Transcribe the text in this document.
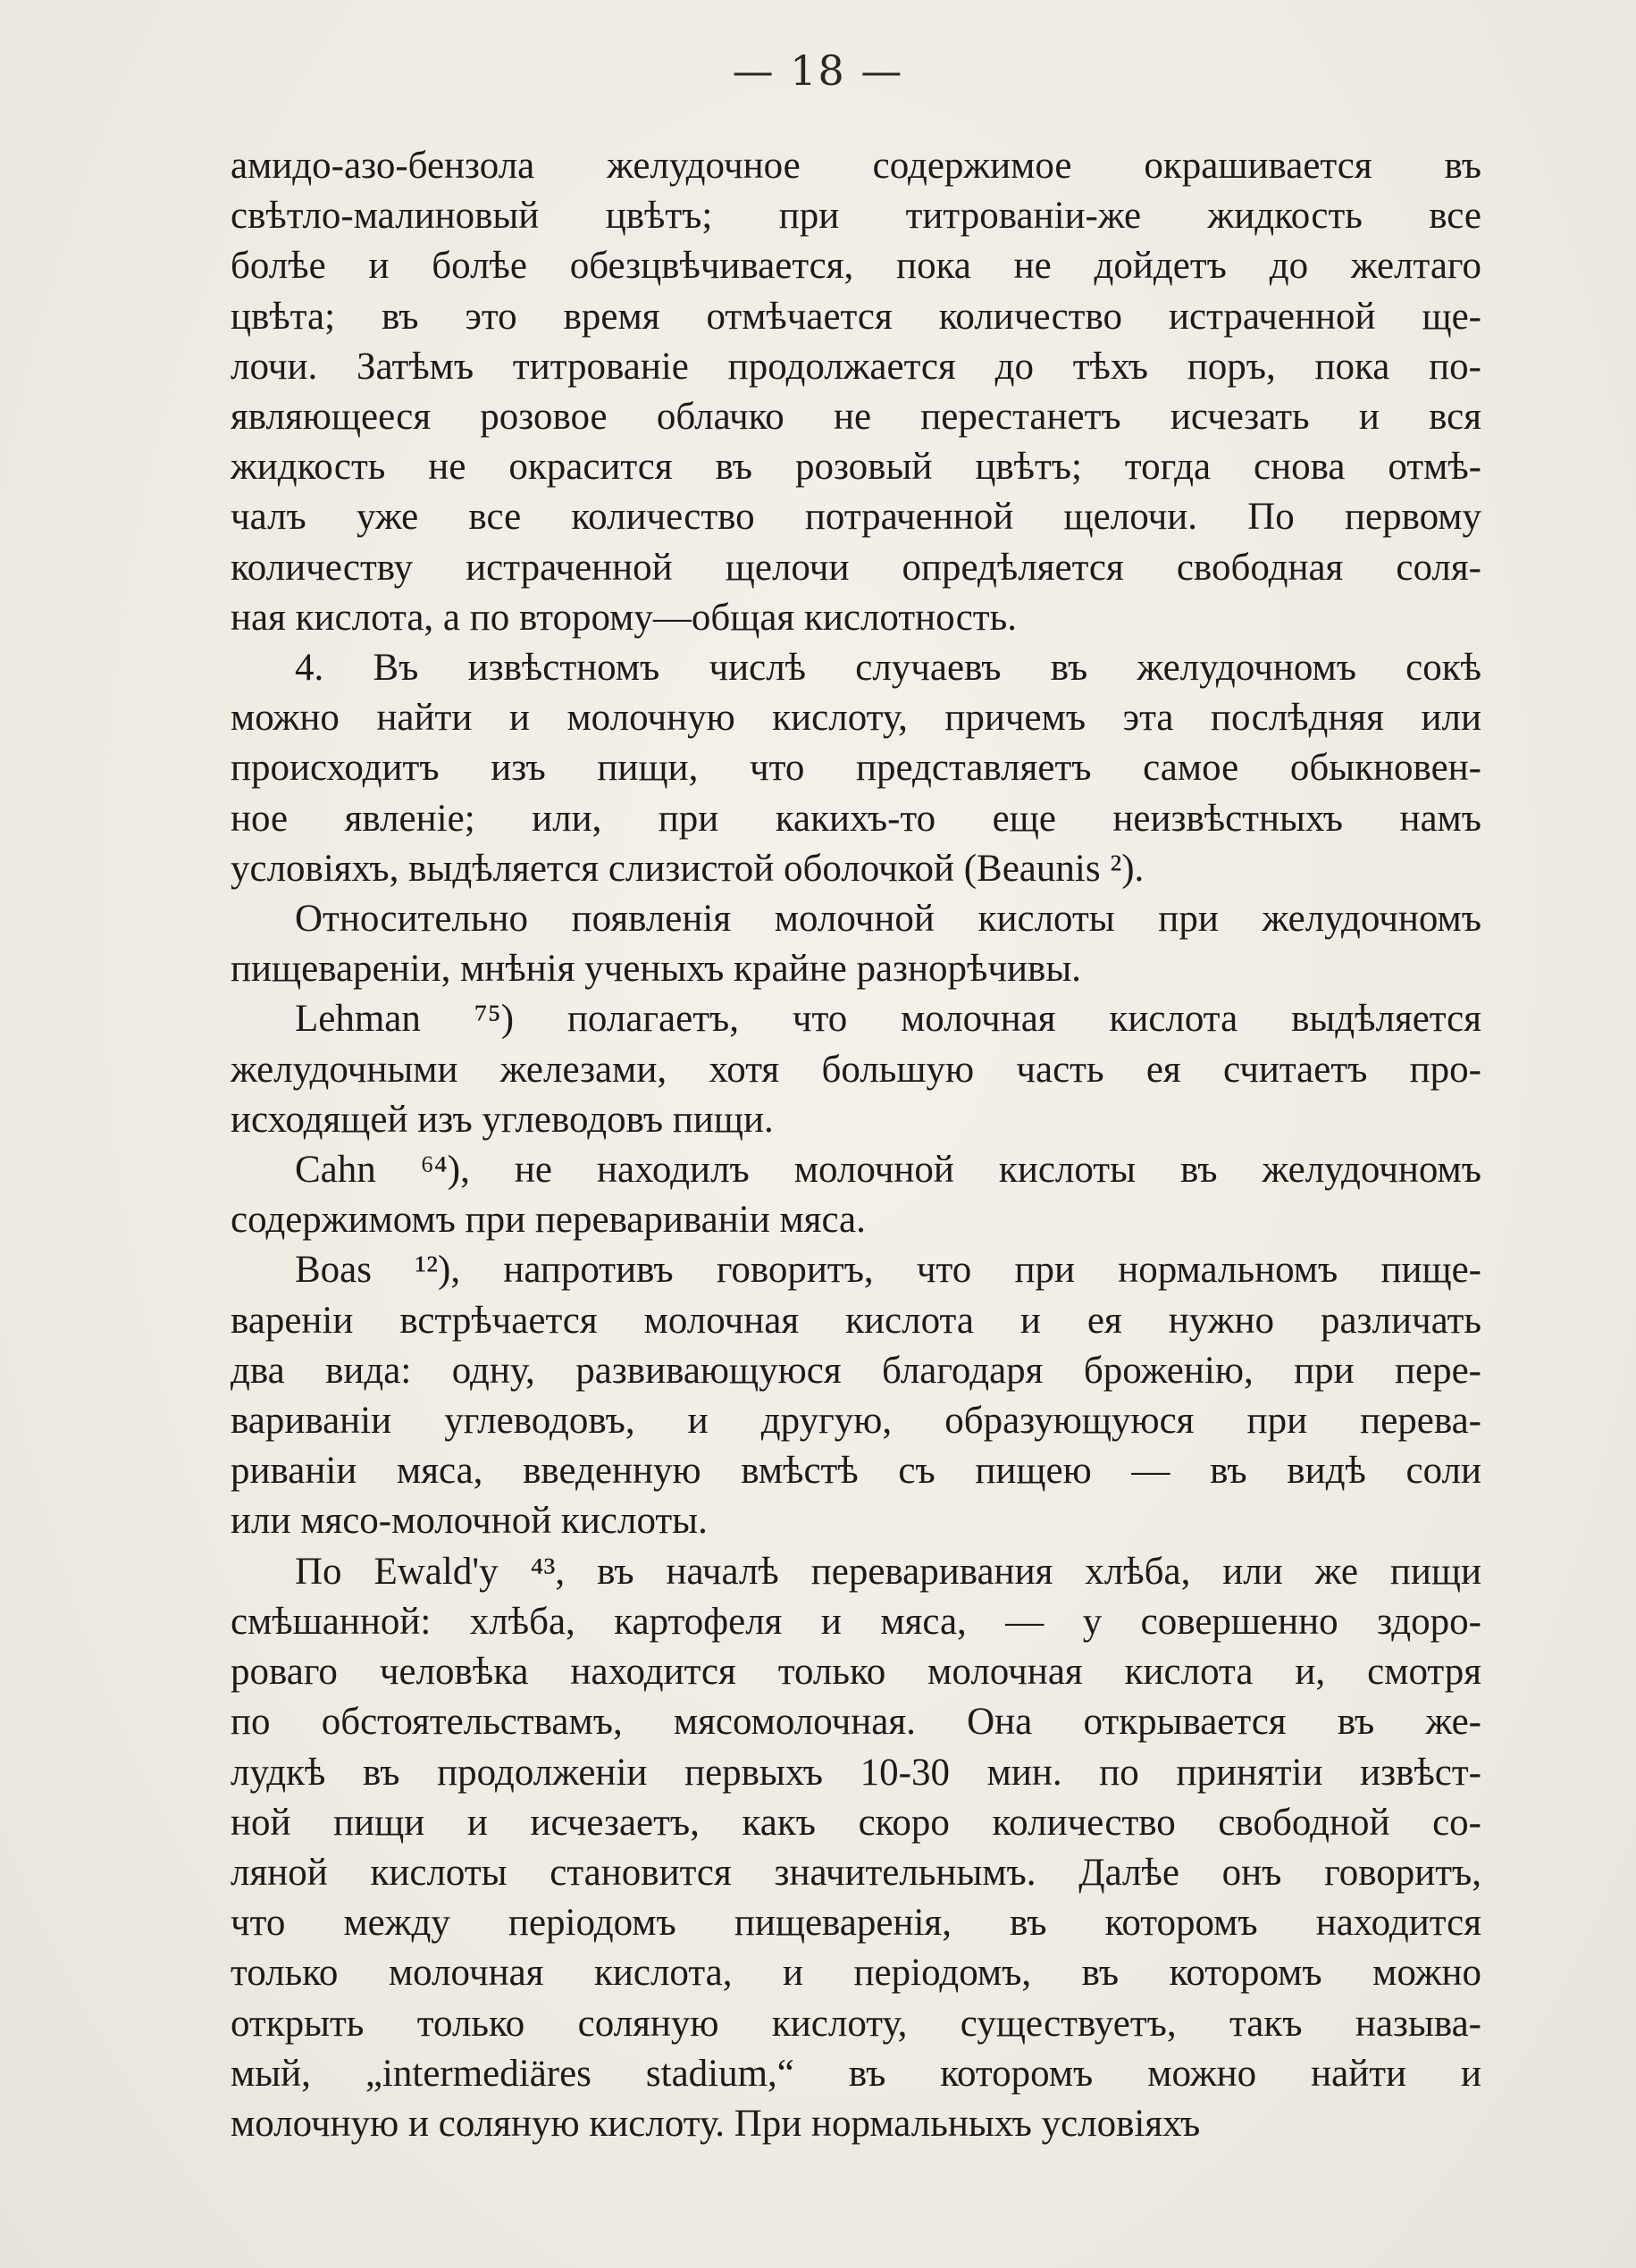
— 18 —
амидо-азо-бензола желудочное содержимое окрашивается въ
свѣтло-малиновый цвѣтъ; при титрованіи-же жидкость все
болѣе и болѣе обезцвѣчивается, пока не дойдетъ до желтаго
цвѣта; въ это время отмѣчается количество истраченной ще-
лочи. Затѣмъ титрованіе продолжается до тѣхъ поръ, пока по-
являющееся розовое облачко не перестанетъ исчезать и вся
жидкость не окрасится въ розовый цвѣтъ; тогда снова отмѣ-
чалъ уже все количество потраченной щелочи. По первому
количеству истраченной щелочи опредѣляется свободная соля-
ная кислота, а по второму—общая кислотность.
4. Въ извѣстномъ числѣ случаевъ въ желудочномъ сокѣ
можно найти и молочную кислоту, причемъ эта послѣдняя или
происходитъ изъ пищи, что представляетъ самое обыкновен-
ное явленіе; или, при какихъ-то еще неизвѣстныхъ намъ
условіяхъ, выдѣляется слизистой оболочкой (Beaunis ²).
Относительно появленія молочной кислоты при желудочномъ
пищевареніи, мнѣнія ученыхъ крайне разнорѣчивы.
Lehman ⁷⁵) полагаетъ, что молочная кислота выдѣляется
желудочными железами, хотя большую часть ея считаетъ про-
исходящей изъ углеводовъ пищи.
Cahn ⁶⁴), не находилъ молочной кислоты въ желудочномъ
содержимомъ при перевариваніи мяса.
Boas ¹²), напротивъ говоритъ, что при нормальномъ пище-
вареніи встрѣчается молочная кислота и ея нужно различать
два вида: одну, развивающуюся благодаря броженію, при пере-
вариваніи углеводовъ, и другую, образующуюся при перева-
риваніи мяса, введенную вмѣстѣ съ пищею — въ видѣ соли
или мясо-молочной кислоты.
По Ewald'у ⁴³, въ началѣ переваривания хлѣба, или же пищи
смѣшанной: хлѣба, картофеля и мяса, — у совершенно здоро-
роваго человѣка находится только молочная кислота и, смотря
по обстоятельствамъ, мясомолочная. Она открывается въ же-
лудкѣ въ продолженіи первыхъ 10-30 мин. по принятіи извѣст-
ной пищи и исчезаетъ, какъ скоро количество свободной со-
ляной кислоты становится значительнымъ. Далѣе онъ говоритъ,
что между періодомъ пищеваренія, въ которомъ находится
только молочная кислота, и періодомъ, въ которомъ можно
открыть только соляную кислоту, существуетъ, такъ называ-
мый, „intermediäres stadium,“ въ которомъ можно найти и
молочную и соляную кислоту. При нормальныхъ условіяхъ
